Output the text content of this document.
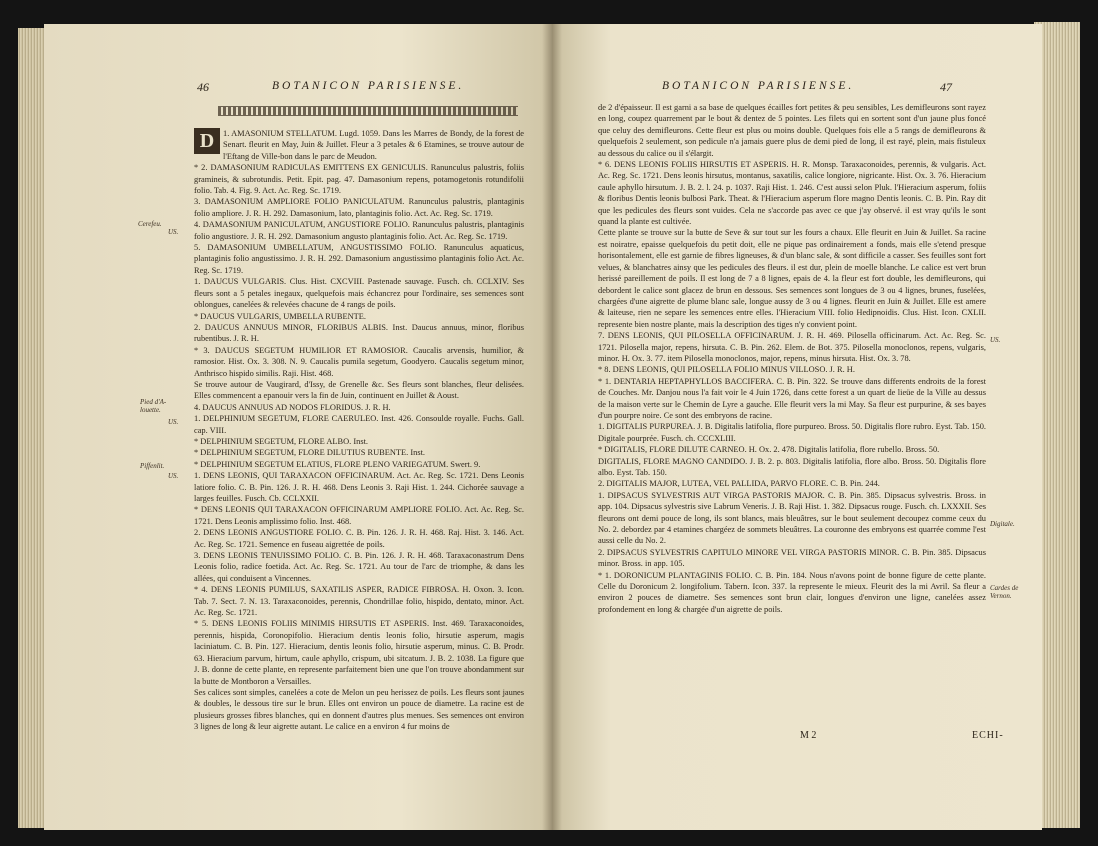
46	BOTANICON PARISIENSE.
Cerefeu.
US.
Pied d'A-louette.
US.
Piffenlit.
US.

D	1. AMASONIUM STELLATUM. Lugd. 1059. Dans les Marres de Bondy, de la forest de Senart. fleurit en May, Juin & Juillet. Fleur a 3 petales & 6 Etamines, se trouve autour de l'Eftang de Ville-bon dans le parc de Meudon.

* 2. DAMASONIUM RADICULAS EMITTENS EX GENICULIS. Ranunculus palustris, foliis gramineis, & subrotundis. Petit. Epit. pag. 47. Damasonium repens, potamogetonis rotundifolii folio. Tab. 4. Fig. 9. Act. Ac. Reg. Sc. 1719.

3. DAMASONIUM AMPLIORE FOLIO PANICULATUM. Ranunculus palustris, plantaginis folio ampliore. J. R. H. 292. Damasonium, lato, plantaginis folio. Act. Ac. Reg. Sc. 1719.

4. DAMASONIUM PANICULATUM, ANGUSTIORE FOLIO. Ranunculus palustris, plantaginis folio angustiore. J. R. H. 292. Damasonium angusto plantaginis folio. Act. Ac. Reg. Sc. 1719.

5. DAMASONIUM UMBELLATUM, ANGUSTISSIMO FOLIO. Ranunculus aquaticus, plantaginis folio angustissimo. J. R. H. 292. Damasonium angustissimo plantaginis folio Act. Ac. Reg. Sc. 1719.

1. DAUCUS VULGARIS. Clus. Hist. CXCVIII. Pastenade sauvage. Fusch. ch. CCLXIV. Ses fleurs sont a 5 petales inegaux, quelquefois mais échancrez pour l'ordinaire, ses semences sont oblongues, canelées & relevées chacune de 4 rangs de poils.

* DAUCUS VULGARIS, UMBELLA RUBENTE.

2. DAUCUS ANNUUS MINOR, FLORIBUS ALBIS. Inst. Daucus annuus, minor, floribus rubentibus. J. R. H.

* 3. DAUCUS SEGETUM HUMILIOR ET RAMOSIOR. Caucalis arvensis, humilior, & ramosior. Hist. Ox. 3. 308. N. 9. Caucalis pumila segetum, Goodyero. Caucalis segetum minor, Anthrisco hispido similis. Raji. Hist. 468.

Se trouve autour de Vaugirard, d'Issy, de Grenelle &c. Ses fleurs sont blanches, fleur delisées. Elles commencent a epanouir vers la fin de Juin, continuent en Juillet & Aoust.

4. DAUCUS ANNUUS AD NODOS FLORIDUS. J. R. H.

1. DELPHINIUM SEGETUM, FLORE CAERULEO. Inst. 426. Consoulde royalle. Fuchs. Gall. cap. VIII.

* DELPHINIUM SEGETUM, FLORE ALBO. Inst.

* DELPHINIUM SEGETUM, FLORE DILUTIUS RUBENTE. Inst.

* DELPHINIUM SEGETUM ELATIUS, FLORE PLENO VARIEGATUM. Swert. 9.

1. DENS LEONIS, QUI TARAXACON OFFICINARUM. Act. Ac. Reg. Sc. 1721. Dens Leonis latiore folio. C. B. Pin. 126. J. R. H. 468. Dens Leonis 3. Raji Hist. 1. 244. Cichorée sauvage a larges feuilles. Fusch. Cb. CCLXXII.

* DENS LEONIS QUI TARAXACON OFFICINARUM AMPLIORE FOLIO. Act. Ac. Reg. Sc. 1721. Dens Leonis amplissimo folio. Inst. 468.

2. DENS LEONIS ANGUSTIORE FOLIO. C. B. Pin. 126. J. R. H. 468. Raj. Hist. 3. 146. Act. Ac. Reg. Sc. 1721. Semence en fuseau aigrettée de poils.

3. DENS LEONIS TENUISSIMO FOLIO. C. B. Pin. 126. J. R. H. 468. Taraxaconastrum Dens Leonis folio, radice foetida. Act. Ac. Reg. Sc. 1721. Au tour de l'arc de triomphe, & dans les allées, qui conduisent a Vincennes.

* 4. DENS LEONIS PUMILUS, SAXATILIS ASPER, RADICE FIBROSA. H. Oxon. 3. Icon. Tab. 7. Sect. 7. N. 13. Taraxaconoides, perennis, Chondrillae folio, hispido, dentato, minor. Act. Ac. Reg. Sc. 1721.

* 5. DENS LEONIS FOLIIS MINIMIS HIRSUTIS ET ASPERIS. Inst. 469. Taraxaconoides, perennis, hispida, Coronopifolio. Hieracium dentis leonis folio, hirsutie asperum, magis laciniatum. C. B. Pin. 127. Hieracium, dentis leonis folio, hirsutie asperum, minus. C. B. Prodr. 63. Hieracium parvum, hirtum, caule aphyllo, crispum, ubi sitcatum. J. B. 2. 1038. La figure que J. B. donne de cette plante, en represente parfaitement bien une que l'on trouve abondamment sur la butte de Montboron a Versailles.

Ses calices sont simples, canelées a cote de Melon un peu herissez de poils. Les fleurs sont jaunes & doubles, le dessous tire sur le brun. Elles ont environ un pouce de diametre. La racine est de plusieurs grosses fibres blanches, qui en donnent d'autres plus menues. Ses semences ont environ 3 lignes de long & leur aigrette autant. Le calice en a environ 4 fur moins de

BOTANICON PARISIENSE.	47
US.
Digitale.
Cardes de Vernon.

de 2 d'épaisseur. Il est garni a sa base de quelques écailles fort petites & peu sensibles, Les demifleurons sont rayez en long, coupez quarrement par le bout & dentez de 5 pointes. Les filets qui en sortent sont d'un jaune plus foncé que celuy des demifleurons. Cette fleur est plus ou moins double. Quelques fois elle a 5 rangs de demifleurons & quelquefois 2 seulement, son pedicule n'a jamais guere plus de demi pied de long, il est rayé, plein, mais fistuleux au dessous du calice ou il s'élargit.

* 6. DENS LEONIS FOLIIS HIRSUTIS ET ASPERIS. H. R. Monsp. Taraxaconoides, perennis, & vulgaris. Act. Ac. Reg. Sc. 1721. Dens leonis hirsutus, montanus, saxatilis, calice longiore, nigricante. Hist. Ox. 3. 76. Hieracium caule aphyllo hirsutum. J. B. 2. l. 24. p. 1037. Raji Hist. 1. 246. C'est aussi selon Pluk. l'Hieracium asperum, foliis & floribus Dentis leonis bulbosi Park. Theat. & l'Hieracium asperum flore magno Dentis leonis. C. B. Pin. Ray dit que les pedicules des fleurs sont vuides. Cela ne s'accorde pas avec ce que j'ay observé. il est vray qu'ils le sont quand la plante est cultivée.

Cette plante se trouve sur la butte de Seve & sur tout sur les fours a chaux. Elle fleurit en Juin & Juillet. Sa racine est noiratre, epaisse quelquefois du petit doit, elle ne pique pas ordinairement a fonds, mais elle s'etend presque horisontalement, elle est garnie de fibres ligneuses, & d'un blanc sale, & sont difficile a casser. Ses feuilles sont fort velues, & blanchatres ainsy que les pedicules des fleurs. il est dur, plein de moelle blanche. Le calice est vert brun herissé pareillement de poils. Il est long de 7 a 8 lignes, epais de 4. la fleur est fort double, les demifleurons, qui debordent le calice sont glacez de brun en dessous. Ses semences sont longues de 3 ou 4 lignes, brunes, fuselées, chargées d'une aigrette de plume blanc sale, longue aussy de 3 ou 4 lignes. fleurit en Juin & Juillet. Elle est amere & laiteuse, rien ne separe les semences entre elles. l'Hieracium VIII. folio Hedipnoidis. Clus. Hist. Icon. CXLII. represente bien nostre plante, mais la description des tiges n'y convient point.

7. DENS LEONIS, QUI PILOSELLA OFFICINARUM. J. R. H. 469. Pilosella officinarum. Act. Ac. Reg. Sc. 1721. Pilosella major, repens, hirsuta. C. B. Pin. 262. Elem. de Bot. 375. Pilosella monoclonos, repens, vulgaris, minor. H. Ox. 3. 77. item Pilosella monoclonos, major, repens, minus hirsuta. Hist. Ox. 3. 78.

* 8. DENS LEONIS, QUI PILOSELLA FOLIO MINUS VILLOSO. J. R. H.

* 1. DENTARIA HEPTAPHYLLOS BACCIFERA. C. B. Pin. 322. Se trouve dans differents endroits de la forest de Couches. Mr. Danjou nous l'a fait voir le 4 Juin 1726, dans cette forest a un quart de lieüe de la Ville au dessus de la maison verte sur le Chemin de Lyre a gauche. Elle fleurit vers la mi May. Sa fleur est purpurine, & ses bayes d'un pourpre noire. Ce sont des embryons de racine.

1. DIGITALIS PURPUREA. J. B. Digitalis latifolia, flore purpureo. Bross. 50. Digitalis flore rubro. Eyst. Tab. 150. Digitale pourprée. Fusch. ch. CCCXLIII.

* DIGITALIS, FLORE DILUTE CARNEO. H. Ox. 2. 478. Digitalis latifolia, flore rubello. Bross. 50.

DIGITALIS, FLORE MAGNO CANDIDO. J. B. 2. p. 803. Digitalis latifolia, flore albo. Bross. 50. Digitalis flore albo. Eyst. Tab. 150.

2. DIGITALIS MAJOR, LUTEA, VEL PALLIDA, PARVO FLORE. C. B. Pin. 244.

1. DIPSACUS SYLVESTRIS AUT VIRGA PASTORIS MAJOR. C. B. Pin. 385. Dipsacus sylvestris. Bross. in app. 104. Dipsacus sylvestris sive Labrum Veneris. J. B. Raji Hist. 1. 382. Dipsacus rouge. Fusch. ch. LXXXII. Ses fleurons ont demi pouce de long, ils sont blancs, mais bleuâtres, sur le bout seulement decoupez comme ceux du No. 2. debordez par 4 etamines chargéez de sommets bleuâtres. La couronne des embryons est quarrée comme l'est aussi celle du No. 2.

2. DIPSACUS SYLVESTRIS CAPITULO MINORE VEL VIRGA PASTORIS MINOR. C. B. Pin. 385. Dipsacus minor. Bross. in app. 105.

* 1. DORONICUM PLANTAGINIS FOLIO. C. B. Pin. 184. Nous n'avons point de bonne figure de cette plante. Celle du Doronicum 2. longifolium. Tabern. Icon. 337. la represente le mieux. Fleurit des la mi Avril. Sa fleur a environ 2 pouces de diametre. Ses semences sont brun clair, longues d'environ une ligne, canelées assez profondement en long & chargée d'un aigrette de poils.

M 2	ECHI-
